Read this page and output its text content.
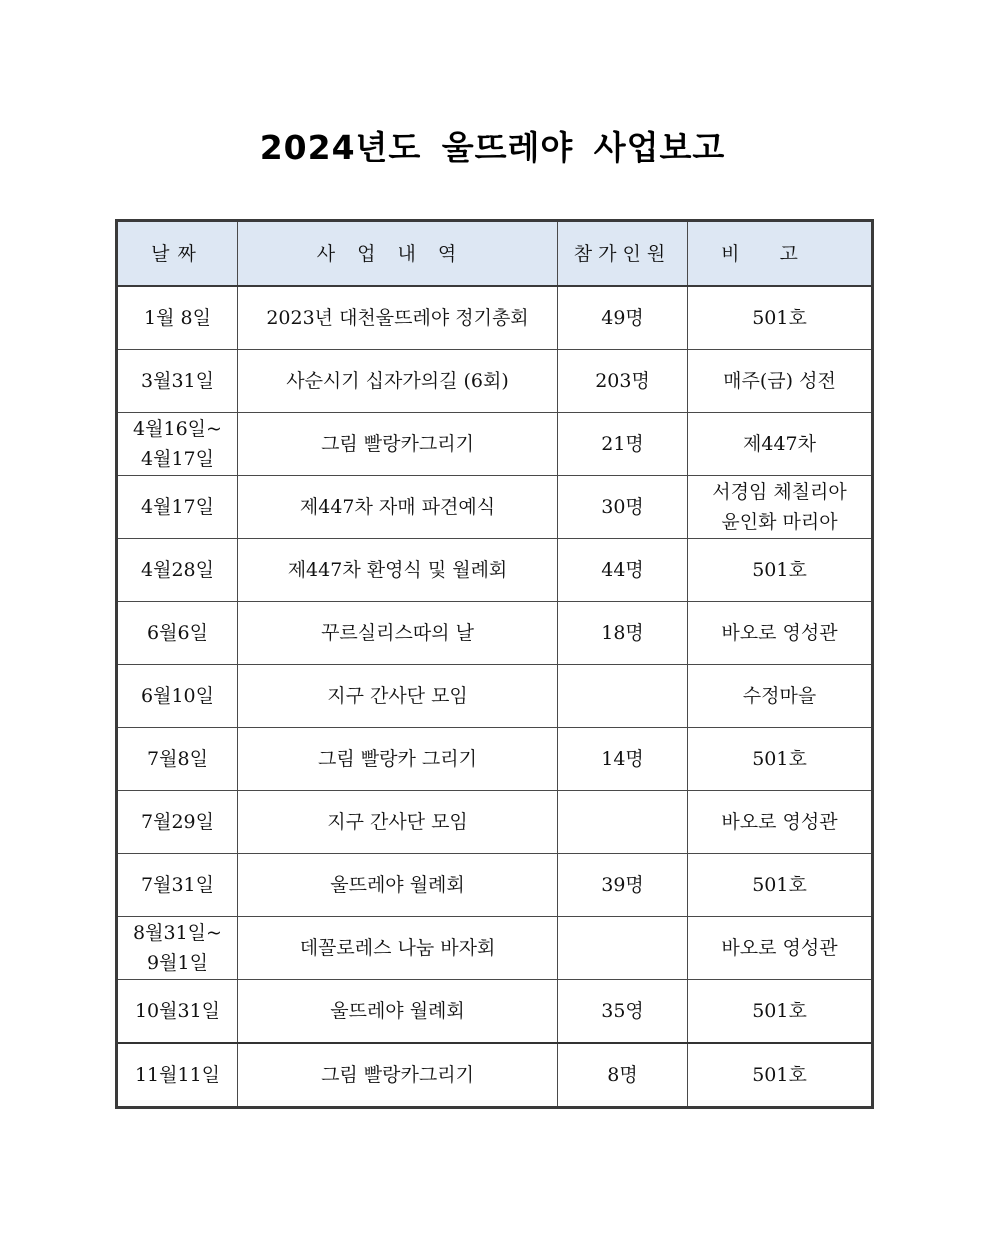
2024년도 울뜨레야 사업보고
날짜	사업내역	참가인원	비고

1월 8일	2023년 대천울뜨레야 정기총회	49명	501호

3월31일	사순시기 십자가의길 (6회)	203명	매주(금) 성전

4월16일~
4월17일	그림 빨랑카그리기	21명	제447차

4월17일	제447차 자매 파견예식	30명	서경임 체칠리아
윤인화 마리아

4월28일	제447차 환영식 및 월례회	44명	501호

6월6일	꾸르실리스따의 날	18명	바오로 영성관

6월10일	지구 간사단 모임		수정마을

7월8일	그림 빨랑카 그리기	14명	501호

7월29일	지구 간사단 모임		바오로 영성관

7월31일	울뜨레야 월례회	39명	501호

8월31일~
9월1일	데꼴로레스 나눔 바자회		바오로 영성관

10월31일	울뜨레야 월례회	35영	501호

11월11일	그림 빨랑카그리기	8명	501호
